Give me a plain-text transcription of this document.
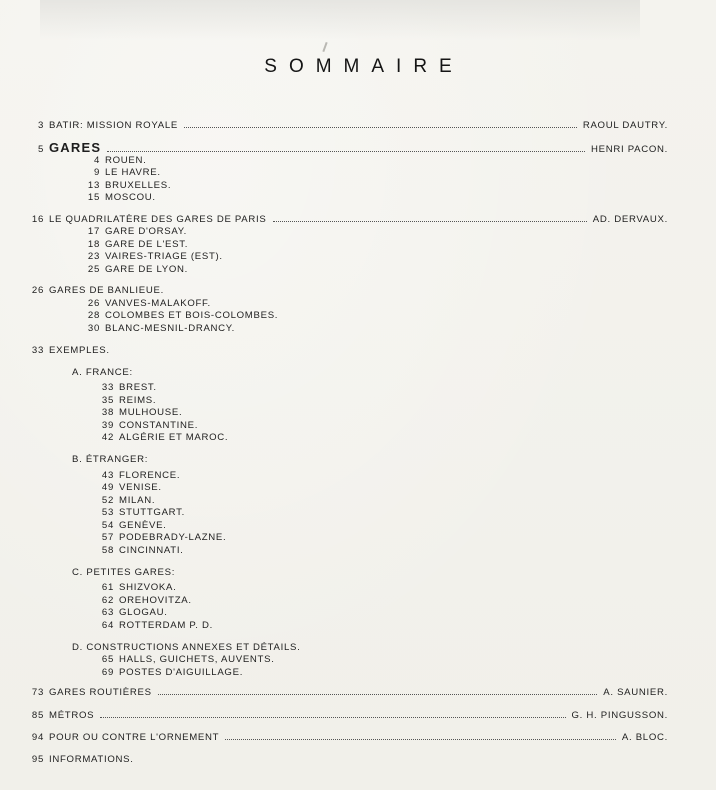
SOMMAIRE
3 BATIR: MISSION ROYALE	RAOUL DAUTRY.
5 GARES	HENRI PACON.
4 ROUEN.
9 LE HAVRE.
13 BRUXELLES.
15 MOSCOU.
16 LE QUADRILATÈRE DES GARES DE PARIS	AD. DERVAUX.
17 GARE D'ORSAY.
18 GARE DE L'EST.
23 VAIRES-TRIAGE (EST).
25 GARE DE LYON.
26 GARES DE BANLIEUE.
26 VANVES-MALAKOFF.
28 COLOMBES ET BOIS-COLOMBES.
30 BLANC-MESNIL-DRANCY.
33 EXEMPLES.
A. FRANCE:
33 BREST.
35 REIMS.
38 MULHOUSE.
39 CONSTANTINE.
42 ALGÉRIE ET MAROC.
B. ÉTRANGER:
43 FLORENCE.
49 VENISE.
52 MILAN.
53 STUTTGART.
54 GENÈVE.
57 PODEBRADY-LAZNE.
58 CINCINNATI.
C. PETITES GARES:
61 SHIZVOKA.
62 OREHOVITZA.
63 GLOGAU.
64 ROTTERDAM P. D.
D. CONSTRUCTIONS ANNEXES ET DÉTAILS.
65 HALLS, GUICHETS, AUVENTS.
69 POSTES D'AIGUILLAGE.
73 GARES ROUTIÈRES	A. SAUNIER.
85 MÉTROS	G. H. PINGUSSON.
94 POUR OU CONTRE L'ORNEMENT	A. BLOC.
95 INFORMATIONS.
